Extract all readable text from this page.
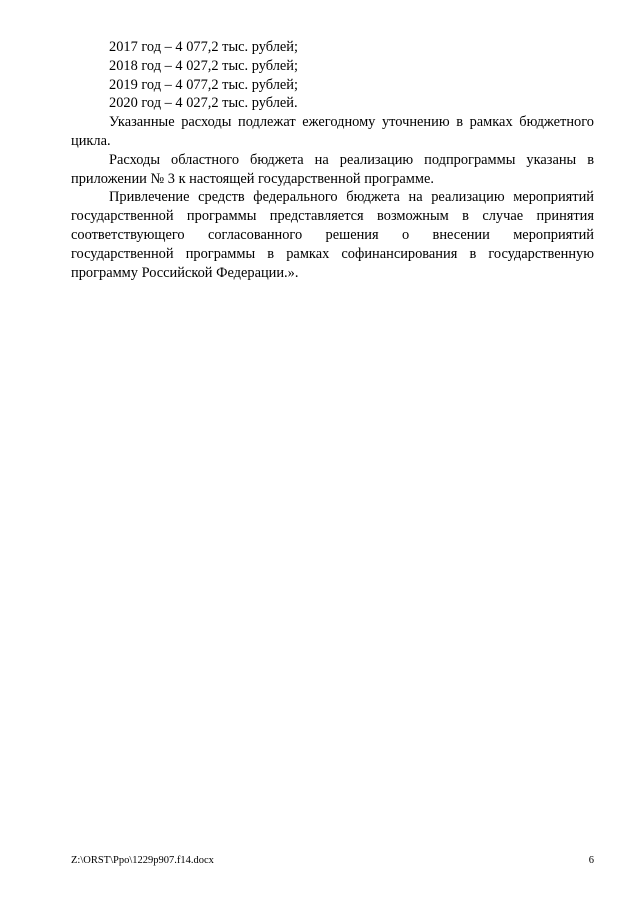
2017 год – 4 077,2 тыс. рублей;

2018 год – 4 027,2 тыс. рублей;

2019 год – 4 077,2 тыс. рублей;

2020 год – 4 027,2 тыс. рублей.

Указанные расходы подлежат ежегодному уточнению в рамках бюджетного цикла.

Расходы областного бюджета на реализацию подпрограммы указаны в приложении № 3 к настоящей государственной программе.

Привлечение средств федерального бюджета на реализацию мероприятий государственной программы представляется возможным в случае принятия соответствующего согласованного решения о внесении мероприятий государственной программы в рамках софинансирования в государственную программу Российской Федерации.».

Z:\ORST\Ppo\1229p907.f14.docx	6
